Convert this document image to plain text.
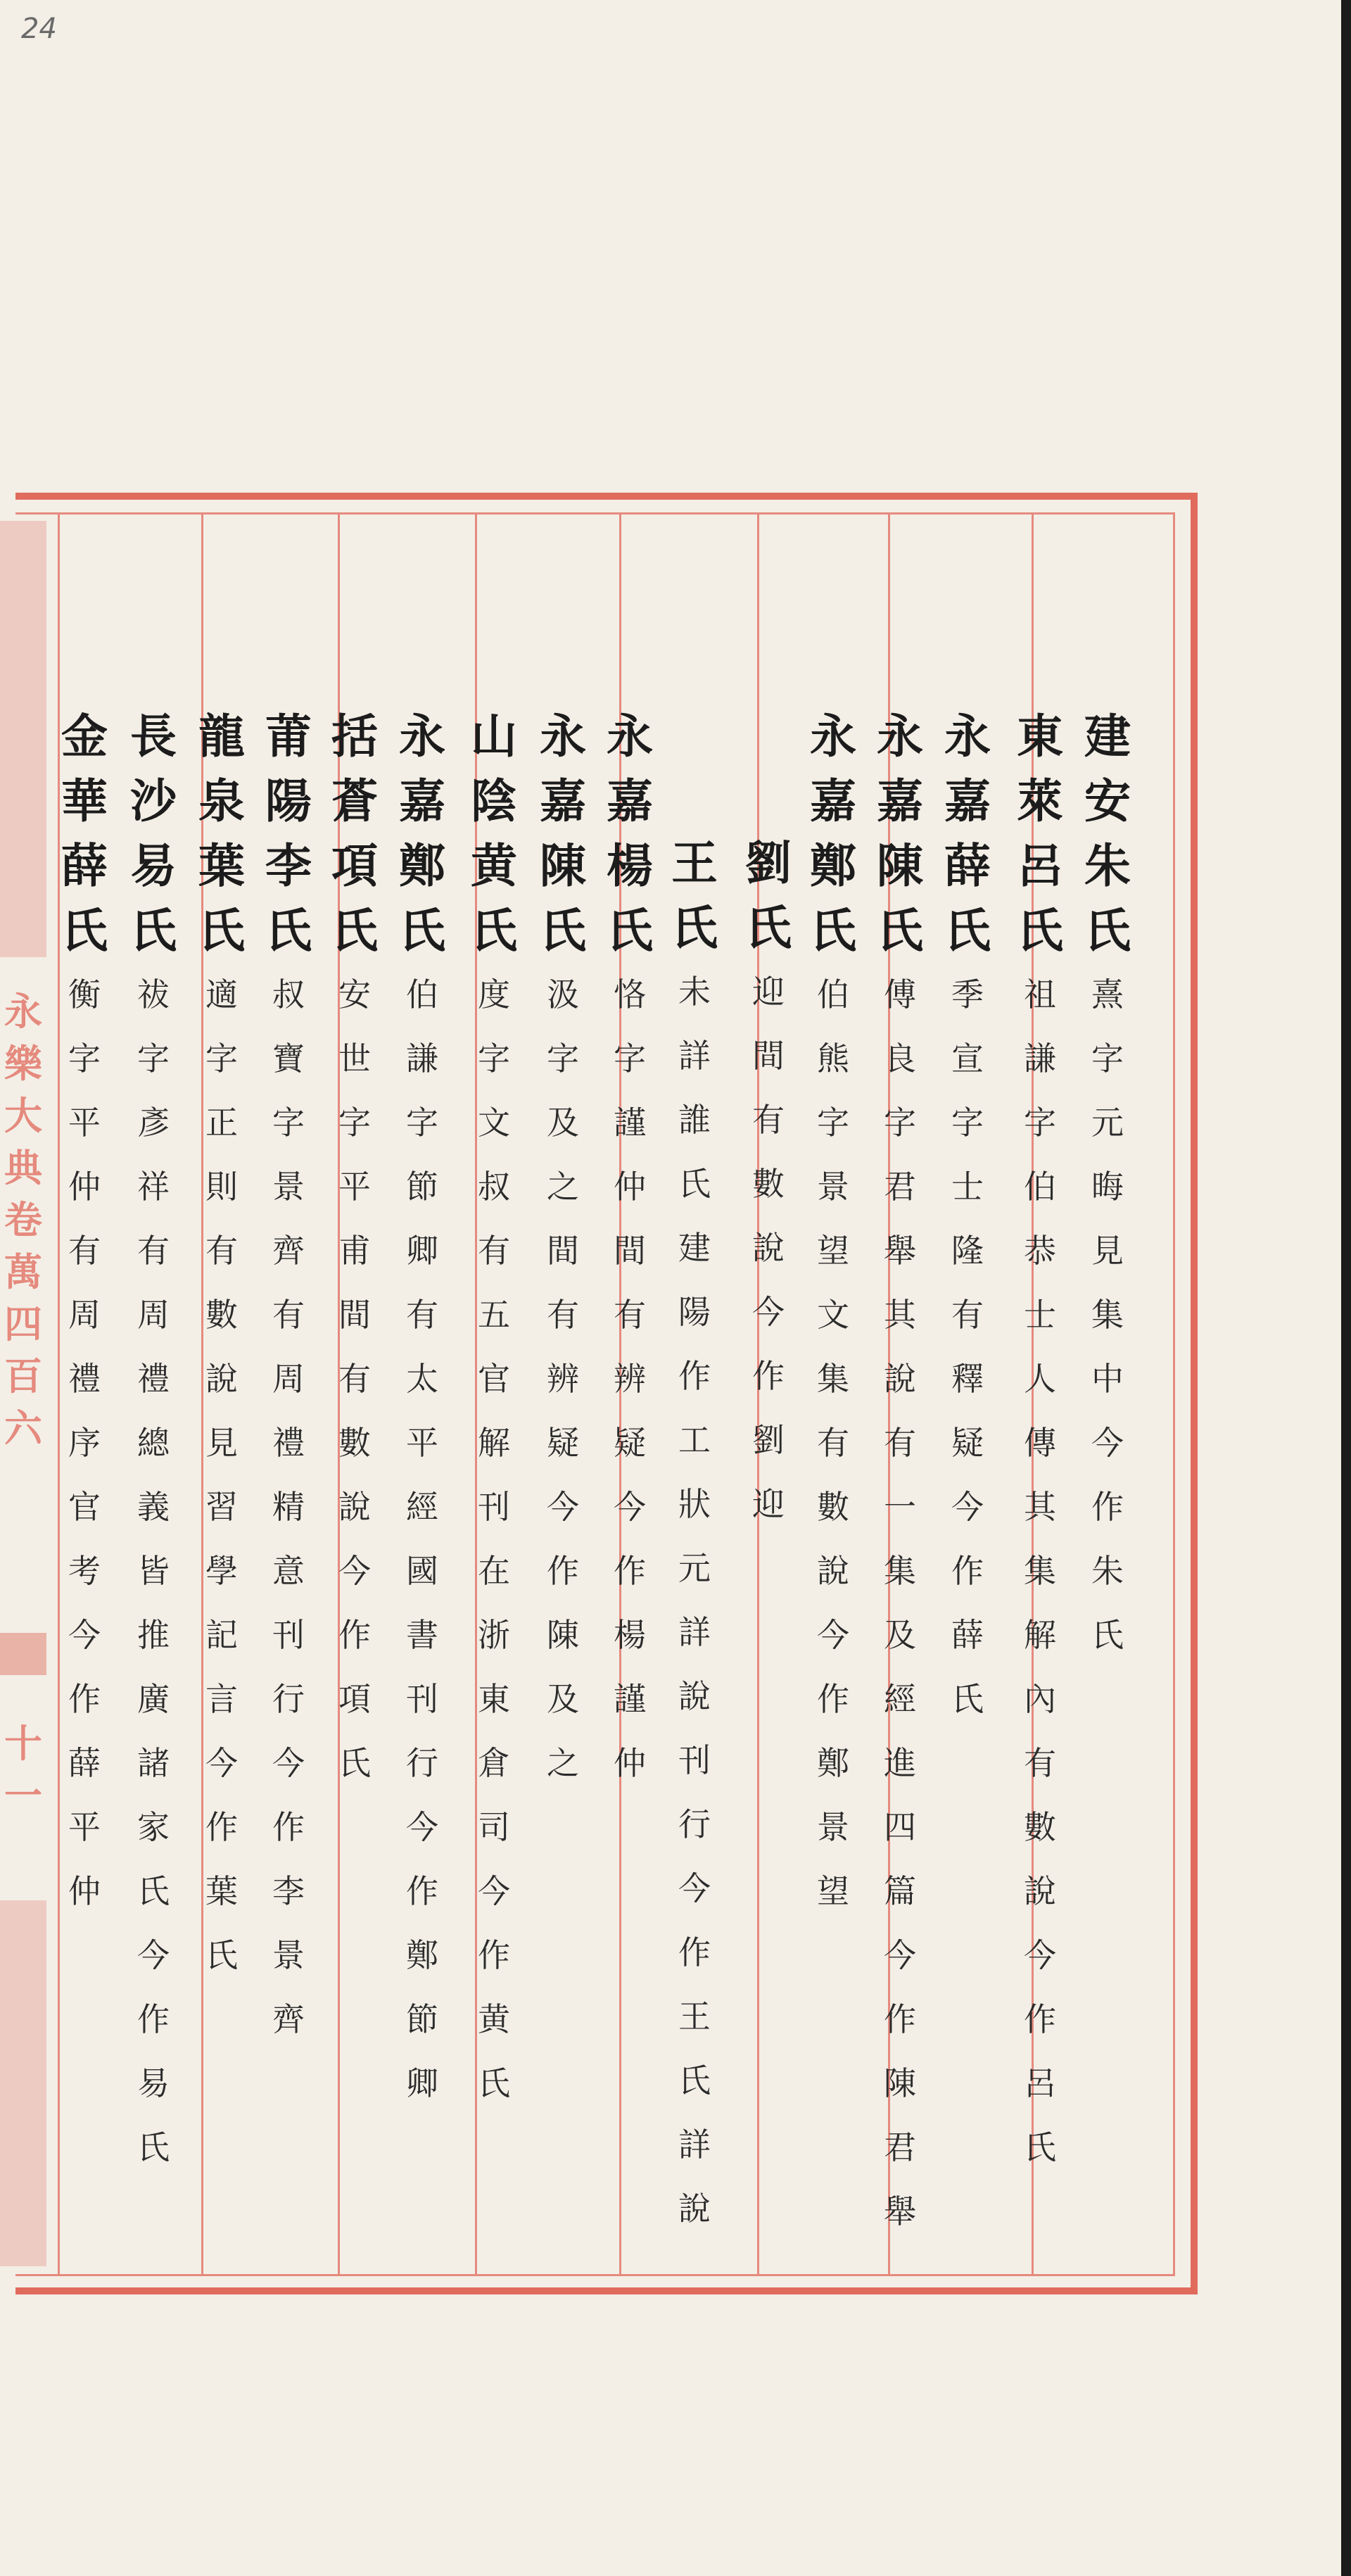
24
永
樂
大
典
卷
萬
四
百
六
十
一
建
安
朱
氏
熹
字
元
晦
見
集
中
今
作
朱
氏
東
萊
呂
氏
祖
謙
字
伯
恭
士
人
傳
其
集
解
內
有
數
說
今
作
呂
氏
永
嘉
薛
氏
季
宣
字
士
隆
有
釋
疑
今
作
薛
氏
永
嘉
陳
氏
傅
良
字
君
舉
其
說
有
一
集
及
經
進
四
篇
今
作
陳
君
舉
永
嘉
鄭
氏
伯
熊
字
景
望
文
集
有
數
說
今
作
鄭
景
望
劉
氏
迎
間
有
數
說
今
作
劉
迎
王
氏
未
詳
誰
氏
建
陽
作
工
狀
元
詳
說
刊
行
今
作
王
氏
詳
說
永
嘉
楊
氏
恪
字
謹
仲
間
有
辨
疑
今
作
楊
謹
仲
永
嘉
陳
氏
汲
字
及
之
間
有
辨
疑
今
作
陳
及
之
山
陰
黄
氏
度
字
文
叔
有
五
官
解
刊
在
浙
東
倉
司
今
作
黄
氏
永
嘉
鄭
氏
伯
謙
字
節
卿
有
太
平
經
國
書
刊
行
今
作
鄭
節
卿
括
蒼
項
氏
安
世
字
平
甫
間
有
數
說
今
作
項
氏
莆
陽
李
氏
叔
寶
字
景
齊
有
周
禮
精
意
刊
行
今
作
李
景
齊
龍
泉
葉
氏
適
字
正
則
有
數
說
見
習
學
記
言
今
作
葉
氏
長
沙
易
氏
祓
字
彥
祥
有
周
禮
總
義
皆
推
廣
諸
家
氏
今
作
易
氏
金
華
薛
氏
衡
字
平
仲
有
周
禮
序
官
考
今
作
薛
平
仲
